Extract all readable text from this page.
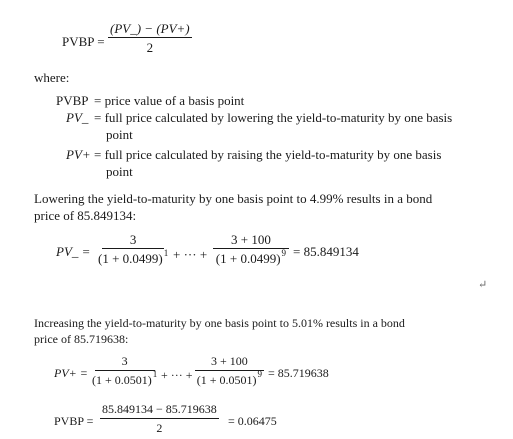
PVBP = $\frac{(PV\_) - (PV+)}{2}$
where:
PVBP = price value of a basis point
PV_ = full price calculated by lowering the yield-to-maturity by one basis
point
PV+ = full price calculated by raising the yield-to-maturity by one basis
point
Lowering the yield-to-maturity by one basis point to 4.99% results in a bond
price of 85.849134:
PV_ = $\frac{3}{(1 + 0.0499)^1}$ + ··· + $\frac{3 + 100}{(1 + 0.0499)^9} = 85.849134$
↵
Increasing the yield-to-maturity by one basis point to 5.01% results in a bond
price of 85.719638:
$PV+ = \frac{3}{(1 + 0.0501)^1}$ + ··· + $\frac{3 + 100}{(1 + 0.0501)^9} = 85.719638$
PVBP = $\frac{85.849134 - 85.719638}{2} = 0.06475$
